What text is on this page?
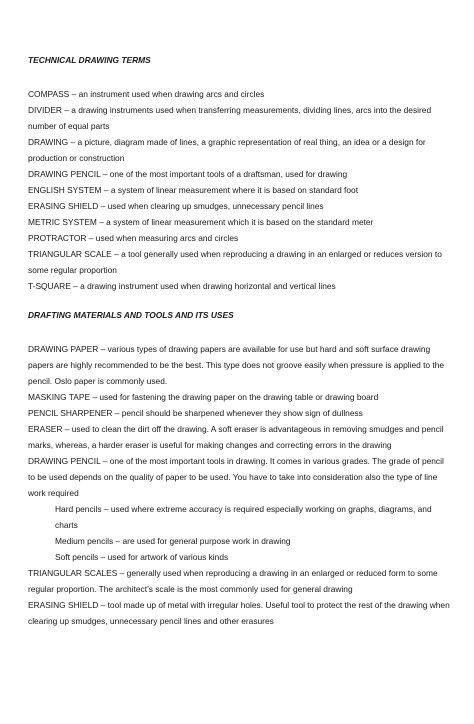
TECHNICAL DRAWING TERMS

COMPASS – an instrument used when drawing arcs and circles

DIVIDER – a drawing instruments used when transferring measurements, dividing lines, arcs into the desired number of equal parts

DRAWING – a picture, diagram made of lines, a graphic representation of real thing, an idea or a design for production or construction

DRAWING PENCIL – one of the most important tools of a draftsman, used for drawing

ENGLISH SYSTEM – a system of linear measurement where it is based on standard foot

ERASING SHIELD – used when clearing up smudges, unnecessary pencil lines

METRIC SYSTEM – a system of linear measurement which it is based on the standard meter

PROTRACTOR – used when measuring arcs and circles

TRIANGULAR SCALE – a tool generally used when reproducing a drawing in an enlarged or reduces version to some regular proportion

T-SQUARE – a drawing instrument used when drawing horizontal and vertical lines

DRAFTING MATERIALS AND TOOLS AND ITS USES

DRAWING PAPER – various types of drawing papers are available for use but hard and soft surface drawing papers are highly recommended to be the best. This type does not groove easily when pressure is applied to the pencil. Oslo paper is commonly used.

MASKING TAPE – used for fastening the drawing paper on the drawing table or drawing board

PENCIL SHARPENER – pencil should be sharpened whenever they show sign of dullness

ERASER – used to clean the dirt off the drawing. A soft eraser is advantageous in removing smudges and pencil marks, whereas, a harder eraser is useful for making changes and correcting errors in the drawing

DRAWING PENCIL – one of the most important tools in drawing. It comes in various grades. The grade of pencil to be used depends on the quality of paper to be used. You have to take into consideration also the type of line work required

Hard pencils – used where extreme accuracy is required especially working on graphs, diagrams, and charts

Medium pencils – are used for general purpose work in drawing

Soft pencils – used for artwork of various kinds

TRIANGULAR SCALES – generally used when reproducing a drawing in an enlarged or reduced form to some regular proportion. The architect’s scale is the most commonly used for general drawing

ERASING SHIELD – tool made up of metal with irregular holes. Useful tool to protect the rest of the drawing when clearing up smudges, unnecessary pencil lines and other erasures
